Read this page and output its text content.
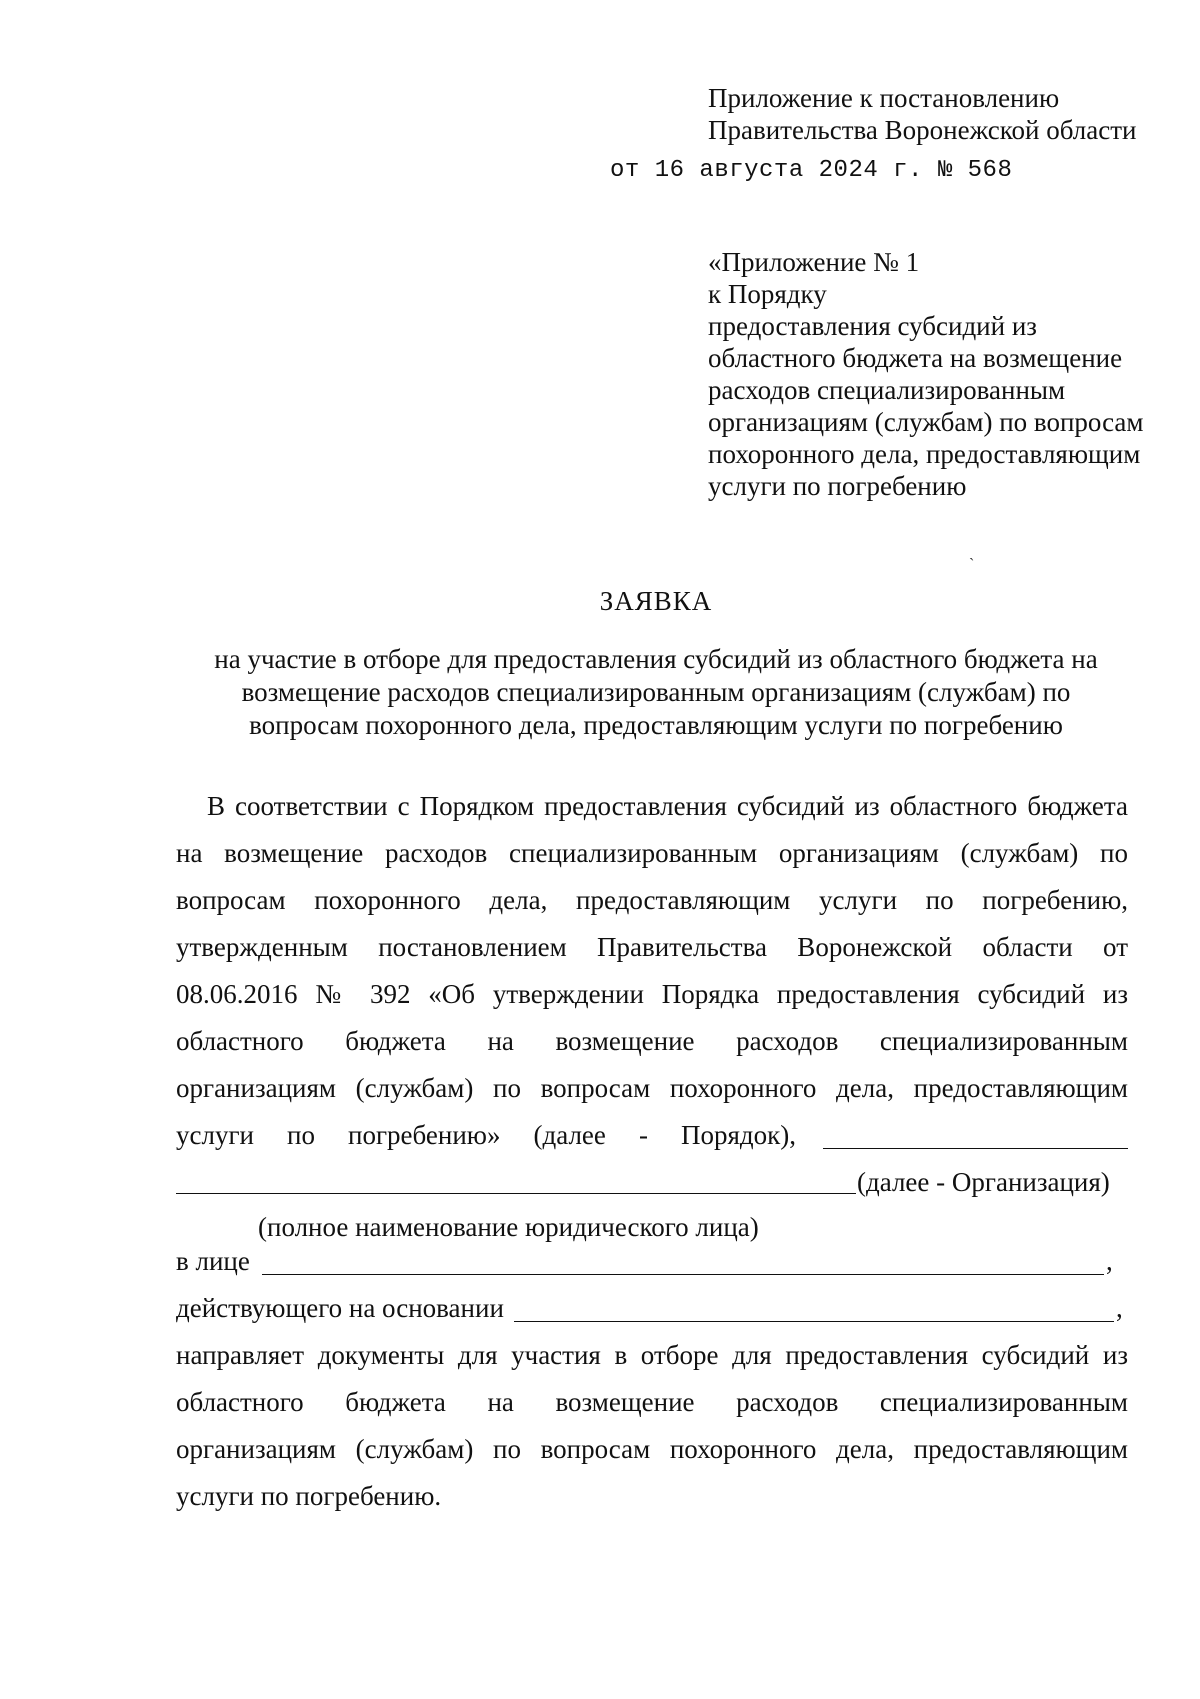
Приложение к постановлению
Правительства Воронежской области
от 16 августа 2024 г. № 568
«Приложение № 1
к Порядку
предоставления субсидий из
областного бюджета на возмещение
расходов специализированным
организациям (службам) по вопросам
похоронного дела, предоставляющим
услуги по погребению
ˋ
ЗАЯВКА
на участие в отборе для предоставления субсидий из областного бюджета на
возмещение расходов специализированным организациям (службам) по
вопросам похоронного дела, предоставляющим услуги по погребению
В соответствии с Порядком предоставления субсидий из областного бюджета
на возмещение расходов специализированным организациям (службам) по
вопросам похоронного дела, предоставляющим услуги по погребению,
утвержденным постановлением Правительства Воронежской области от
08.06.2016 № 392 «Об утверждении Порядка предоставления субсидий из
областного бюджета на возмещение расходов специализированным
организациям (службам) по вопросам похоронного дела, предоставляющим
услуги по погребению» (далее - Порядок),
(далее - Организация)
(полное наименование юридического лица)
в лице	,
действующего на основании	,
направляет документы для участия в отборе для предоставления субсидий из
областного бюджета на возмещение расходов специализированным
организациям (службам) по вопросам похоронного дела, предоставляющим
услуги по погребению.
